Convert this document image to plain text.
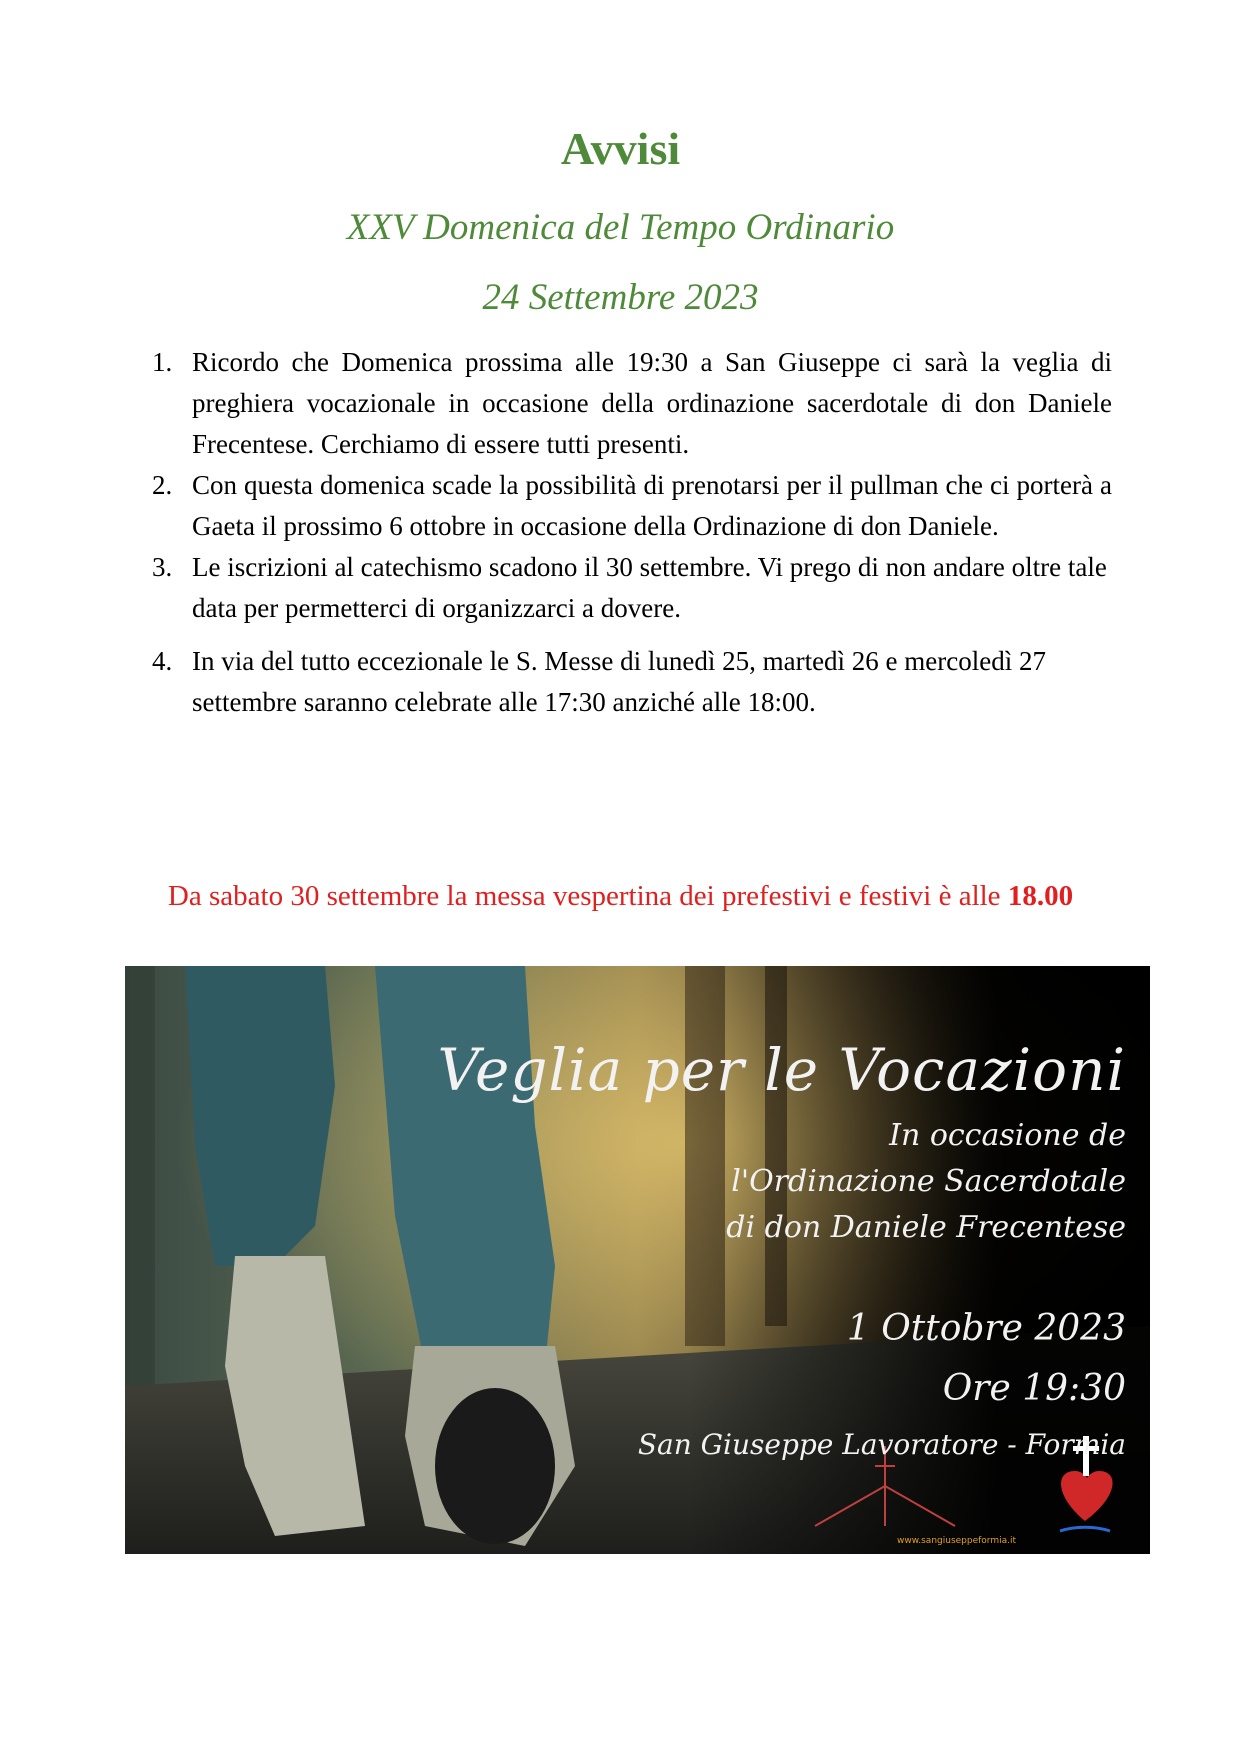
Avvisi

XXV Domenica del Tempo Ordinario

24 Settembre 2023

1. Ricordo che Domenica prossima alle 19:30 a San Giuseppe ci sarà la veglia di preghiera vocazionale in occasione della ordinazione sacerdotale di don Daniele Frecentese. Cerchiamo di essere tutti presenti.
2. Con questa domenica scade la possibilità di prenotarsi per il pullman che ci porterà a Gaeta il prossimo 6 ottobre in occasione della Ordinazione di don Daniele.
3. Le iscrizioni al catechismo scadono il 30 settembre. Vi prego di non andare oltre tale data per permetterci di organizzarci a dovere.
4. In via del tutto eccezionale le S. Messe di lunedì 25, martedì 26 e mercoledì 27 settembre saranno celebrate alle 17:30 anziché alle 18:00.

Da sabato 30 settembre la messa vespertina dei prefestivi e festivi è alle 18.00

Veglia per le Vocazioni
In occasione de
l'Ordinazione Sacerdotale
di don Daniele Frecentese
1 Ottobre 2023
Ore 19:30
San Giuseppe Lavoratore - Formia
www.sangiuseppeformia.it
